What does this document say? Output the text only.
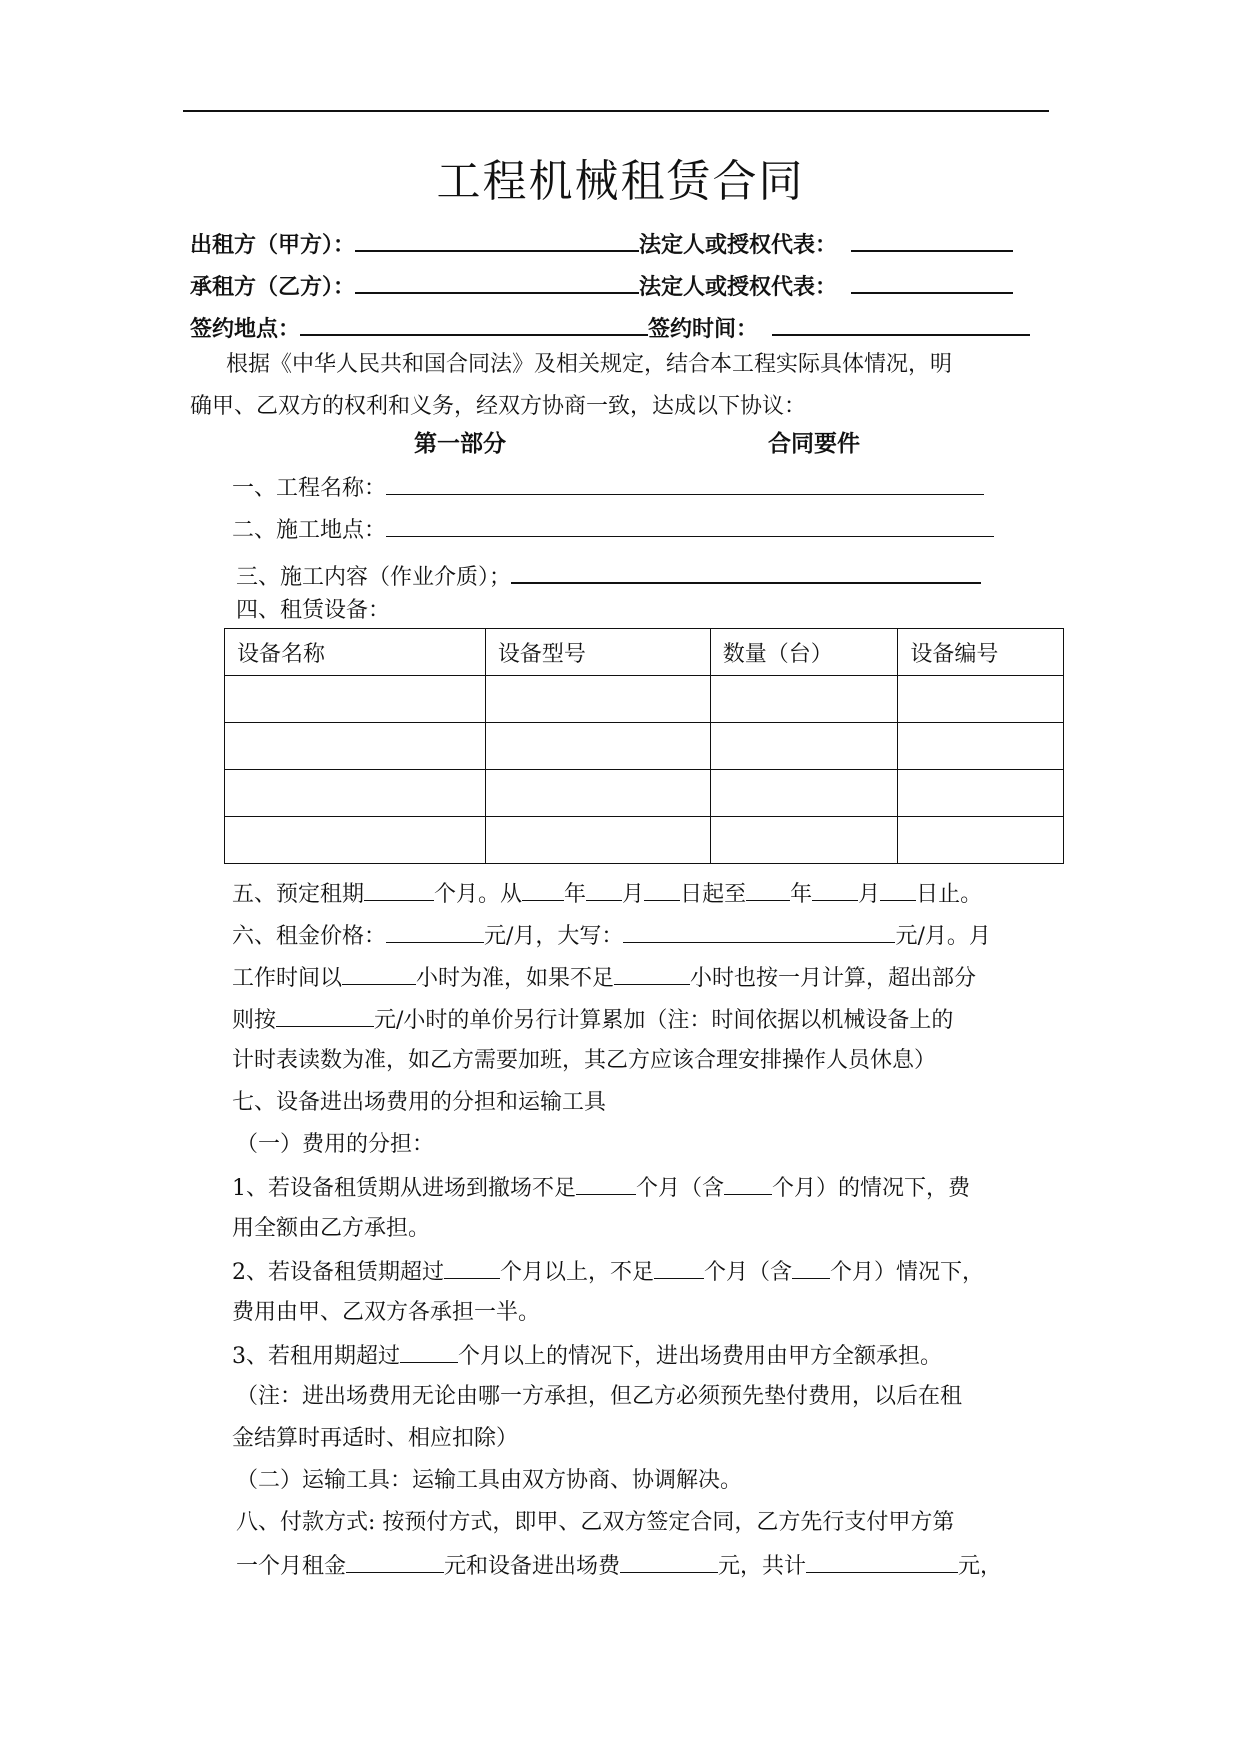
工程机械租赁合同
出租方（甲方）：	法定人或授权代表：
承租方（乙方）：	法定人或授权代表：
签约地点：	签约时间：
根据《中华人民共和国合同法》及相关规定，结合本工程实际具体情况，明
确甲、乙双方的权利和义务，经双方协商一致，达成以下协议：
第一部分	合同要件
一、工程名称：
二、施工地点：
三、施工内容（作业介质）；
四、租赁设备：
设备名称	设备型号	数量（台）	设备编号

五、预定租期	个月。从 年 月 日起至 年 月 日止。
六、租金价格：	元/月，大写：	元/月。月
工作时间以	小时为准，如果不足	小时也按一月计算，超出部分
则按	元/小时的单价另行计算累加（注：时间依据以机械设备上的
计时表读数为准，如乙方需要加班，其乙方应该合理安排操作人员休息）
七、设备进出场费用的分担和运输工具
（一）费用的分担：
1、若设备租赁期从进场到撤场不足	个月（含 个月）的情况下，费
用全额由乙方承担。
2、若设备租赁期超过	个月以上，不足 个月（含 个月）情况下，
费用由甲、乙双方各承担一半。
3、若租用期超过	个月以上的情况下，进出场费用由甲方全额承担。
（注：进出场费用无论由哪一方承担，但乙方必须预先垫付费用，以后在租
金结算时再适时、相应扣除）
（二）运输工具：运输工具由双方协商、协调解决。
八、付款方式: 按预付方式，即甲、乙双方签定合同，乙方先行支付甲方第
一个月租金	元和设备进出场费	元，共计	元，
